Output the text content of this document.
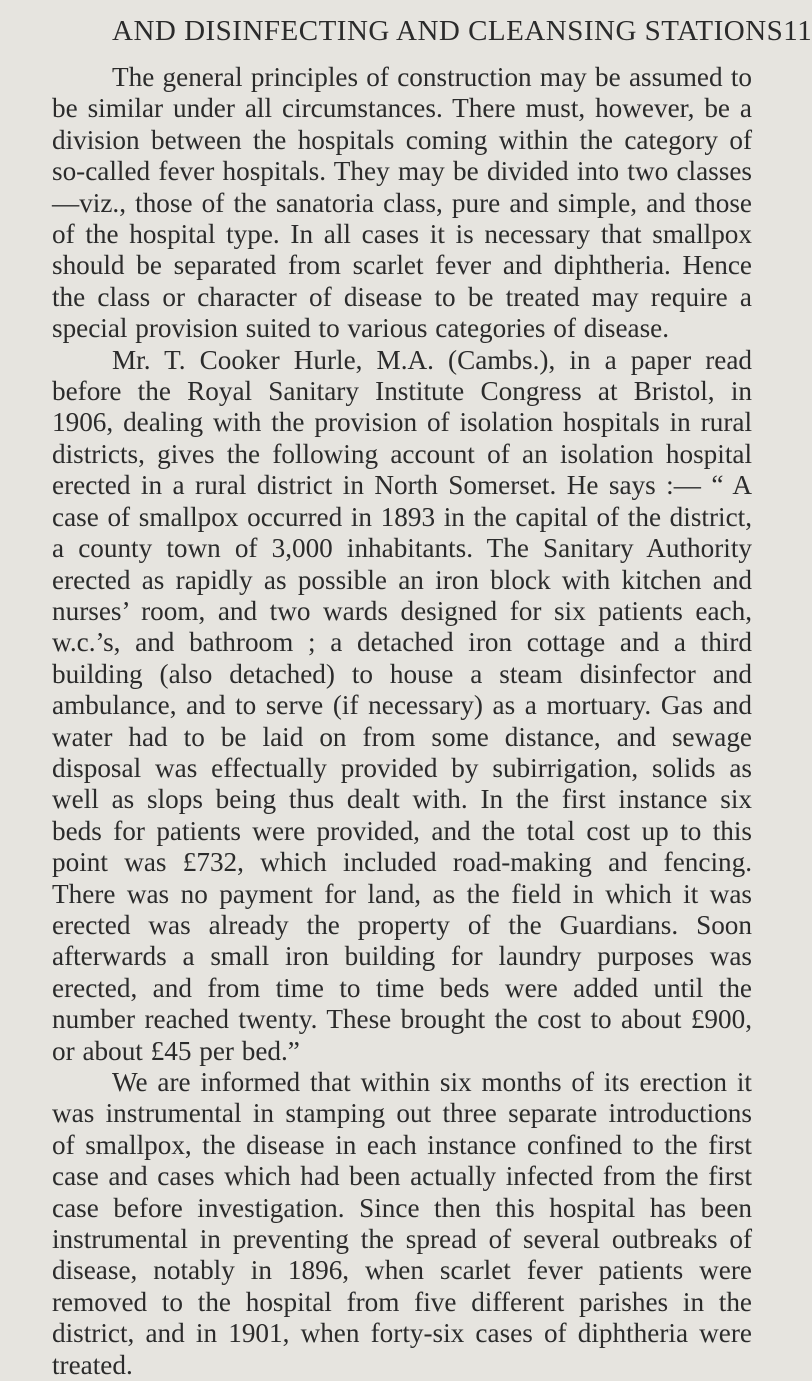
AND DISINFECTING AND CLEANSING STATIONS 11

The general principles of construction may be assumed to be similar under all circumstances. There must, however, be a division between the hospitals coming within the category of so-called fever hospitals. They may be divided into two classes—viz., those of the sanatoria class, pure and simple, and those of the hospital type. In all cases it is necessary that smallpox should be separated from scarlet fever and diphtheria. Hence the class or character of disease to be treated may require a special provision suited to various categories of disease.

Mr. T. Cooker Hurle, M.A. (Cambs.), in a paper read before the Royal Sanitary Institute Congress at Bristol, in 1906, dealing with the provision of isolation hospitals in rural districts, gives the following account of an isolation hospital erected in a rural district in North Somerset. He says :— “ A case of smallpox occurred in 1893 in the capital of the district, a county town of 3,000 inhabitants. The Sanitary Authority erected as rapidly as possible an iron block with kitchen and nurses’ room, and two wards designed for six patients each, w.c.’s, and bathroom ; a detached iron cottage and a third building (also detached) to house a steam disinfector and ambulance, and to serve (if necessary) as a mortuary. Gas and water had to be laid on from some distance, and sewage disposal was effectually provided by subirrigation, solids as well as slops being thus dealt with. In the first instance six beds for patients were provided, and the total cost up to this point was £732, which included road-making and fencing. There was no payment for land, as the field in which it was erected was already the property of the Guardians. Soon afterwards a small iron building for laundry purposes was erected, and from time to time beds were added until the number reached twenty. These brought the cost to about £900, or about £45 per bed.”

We are informed that within six months of its erection it was instrumental in stamping out three separate introductions of smallpox, the disease in each instance confined to the first case and cases which had been actually infected from the first case before investigation. Since then this hospital has been instrumental in preventing the spread of several outbreaks of disease, notably in 1896, when scarlet fever patients were removed to the hospital from five different parishes in the district, and in 1901, when forty-six cases of diphtheria were treated.
